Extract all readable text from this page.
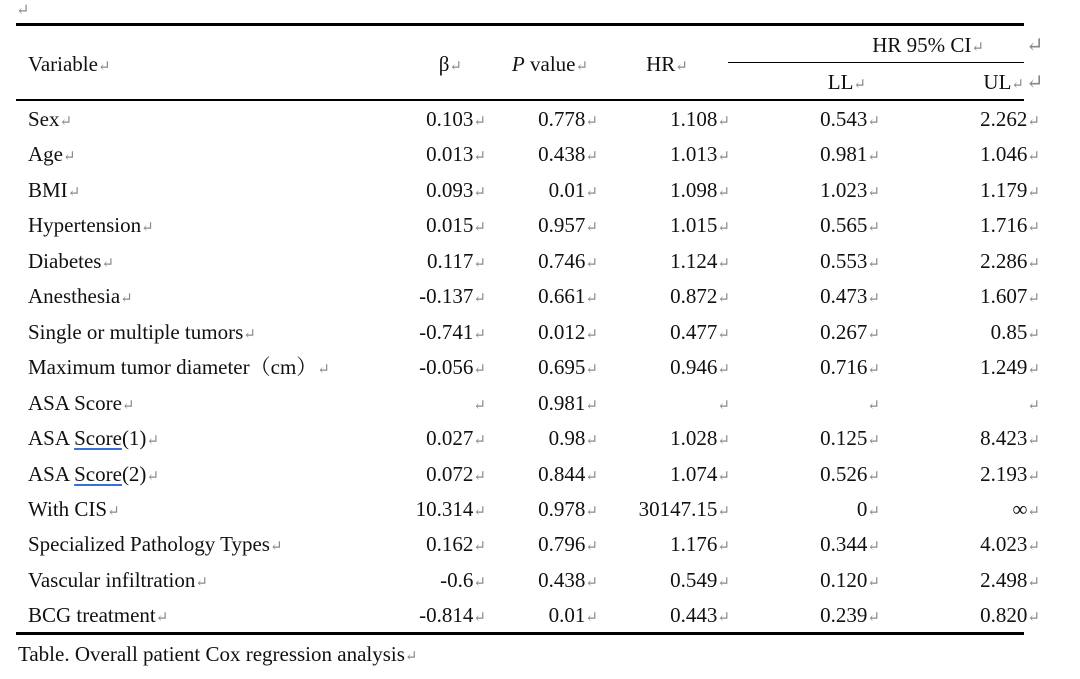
↵
Variable↵	β↵	P value↵	HR↵
HR 95% CI↵
LL↵	UL↵
↵
↵
Sex↵	0.103↵	0.778↵	1.108↵	0.543↵	2.262↵
Age↵	0.013↵	0.438↵	1.013↵	0.981↵	1.046↵
BMI↵	0.093↵	0.01↵	1.098↵	1.023↵	1.179↵
Hypertension↵	0.015↵	0.957↵	1.015↵	0.565↵	1.716↵
Diabetes↵	0.117↵	0.746↵	1.124↵	0.553↵	2.286↵
Anesthesia↵	-0.137↵	0.661↵	0.872↵	0.473↵	1.607↵
Single or multiple tumors↵	-0.741↵	0.012↵	0.477↵	0.267↵	0.85↵
Maximum tumor diameter（cm）↵	-0.056↵	0.695↵	0.946↵	0.716↵	1.249↵
ASA Score↵	↵	0.981↵	↵	↵	↵
ASA Score(1)↵	0.027↵	0.98↵	1.028↵	0.125↵	8.423↵
ASA Score(2)↵	0.072↵	0.844↵	1.074↵	0.526↵	2.193↵
With CIS↵	10.314↵	0.978↵	30147.15↵	0↵	∞↵
Specialized Pathology Types↵	0.162↵	0.796↵	1.176↵	0.344↵	4.023↵
Vascular infiltration↵	-0.6↵	0.438↵	0.549↵	0.120↵	2.498↵
BCG treatment↵	-0.814↵	0.01↵	0.443↵	0.239↵	0.820↵
Table. Overall patient Cox regression analysis↵
